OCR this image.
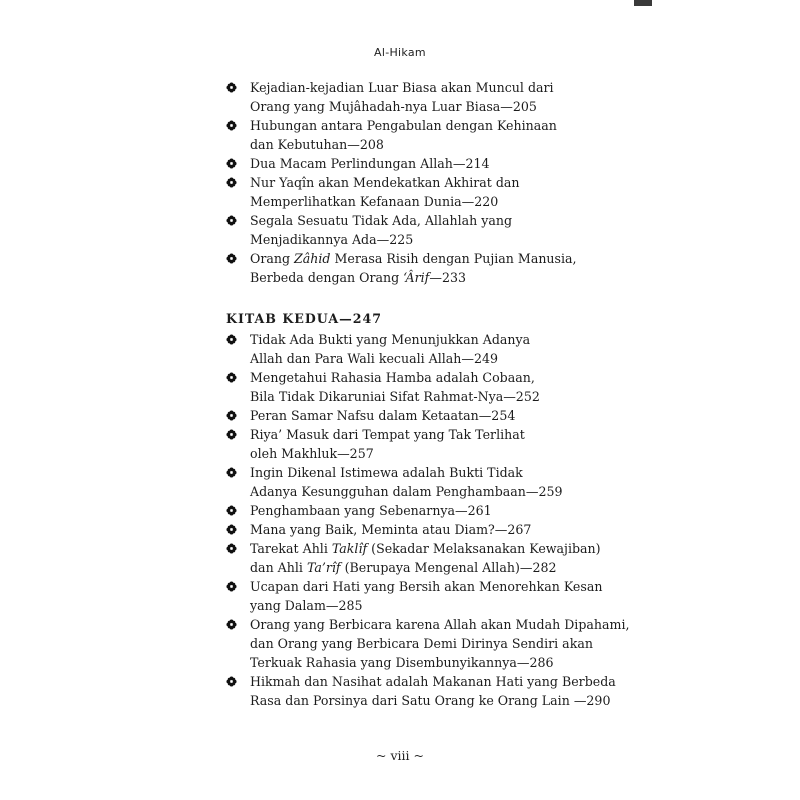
Al-Hikam
Kejadian-kejadian Luar Biasa akan Muncul dari
Orang yang Mujâhadah-nya Luar Biasa—205
Hubungan antara Pengabulan dengan Kehinaan
dan Kebutuhan—208
Dua Macam Perlindungan Allah—214
Nur Yaqîn akan Mendekatkan Akhirat dan
Memperlihatkan Kefanaan Dunia—220
Segala Sesuatu Tidak Ada, Allahlah yang
Menjadikannya Ada—225
Orang Zâhid Merasa Risih dengan Pujian Manusia,
Berbeda dengan Orang ‘Ârif—233
KITAB KEDUA—247
Tidak Ada Bukti yang Menunjukkan Adanya
Allah dan Para Wali kecuali Allah—249
Mengetahui Rahasia Hamba adalah Cobaan,
Bila Tidak Dikaruniai Sifat Rahmat-Nya—252
Peran Samar Nafsu dalam Ketaatan—254
Riya’ Masuk dari Tempat yang Tak Terlihat
oleh Makhluk—257
Ingin Dikenal Istimewa adalah Bukti Tidak
Adanya Kesungguhan dalam Penghambaan—259
Penghambaan yang Sebenarnya—261
Mana yang Baik, Meminta atau Diam?—267
Tarekat Ahli Taklîf (Sekadar Melaksanakan Kewajiban)
dan Ahli Ta’rîf (Berupaya Mengenal Allah)—282
Ucapan dari Hati yang Bersih akan Menorehkan Kesan
yang Dalam—285
Orang yang Berbicara karena Allah akan Mudah Dipahami,
dan Orang yang Berbicara Demi Dirinya Sendiri akan
Terkuak Rahasia yang Disembunyikannya—286
Hikmah dan Nasihat adalah Makanan Hati yang Berbeda
Rasa dan Porsinya dari Satu Orang ke Orang Lain —290
~ viii ~
